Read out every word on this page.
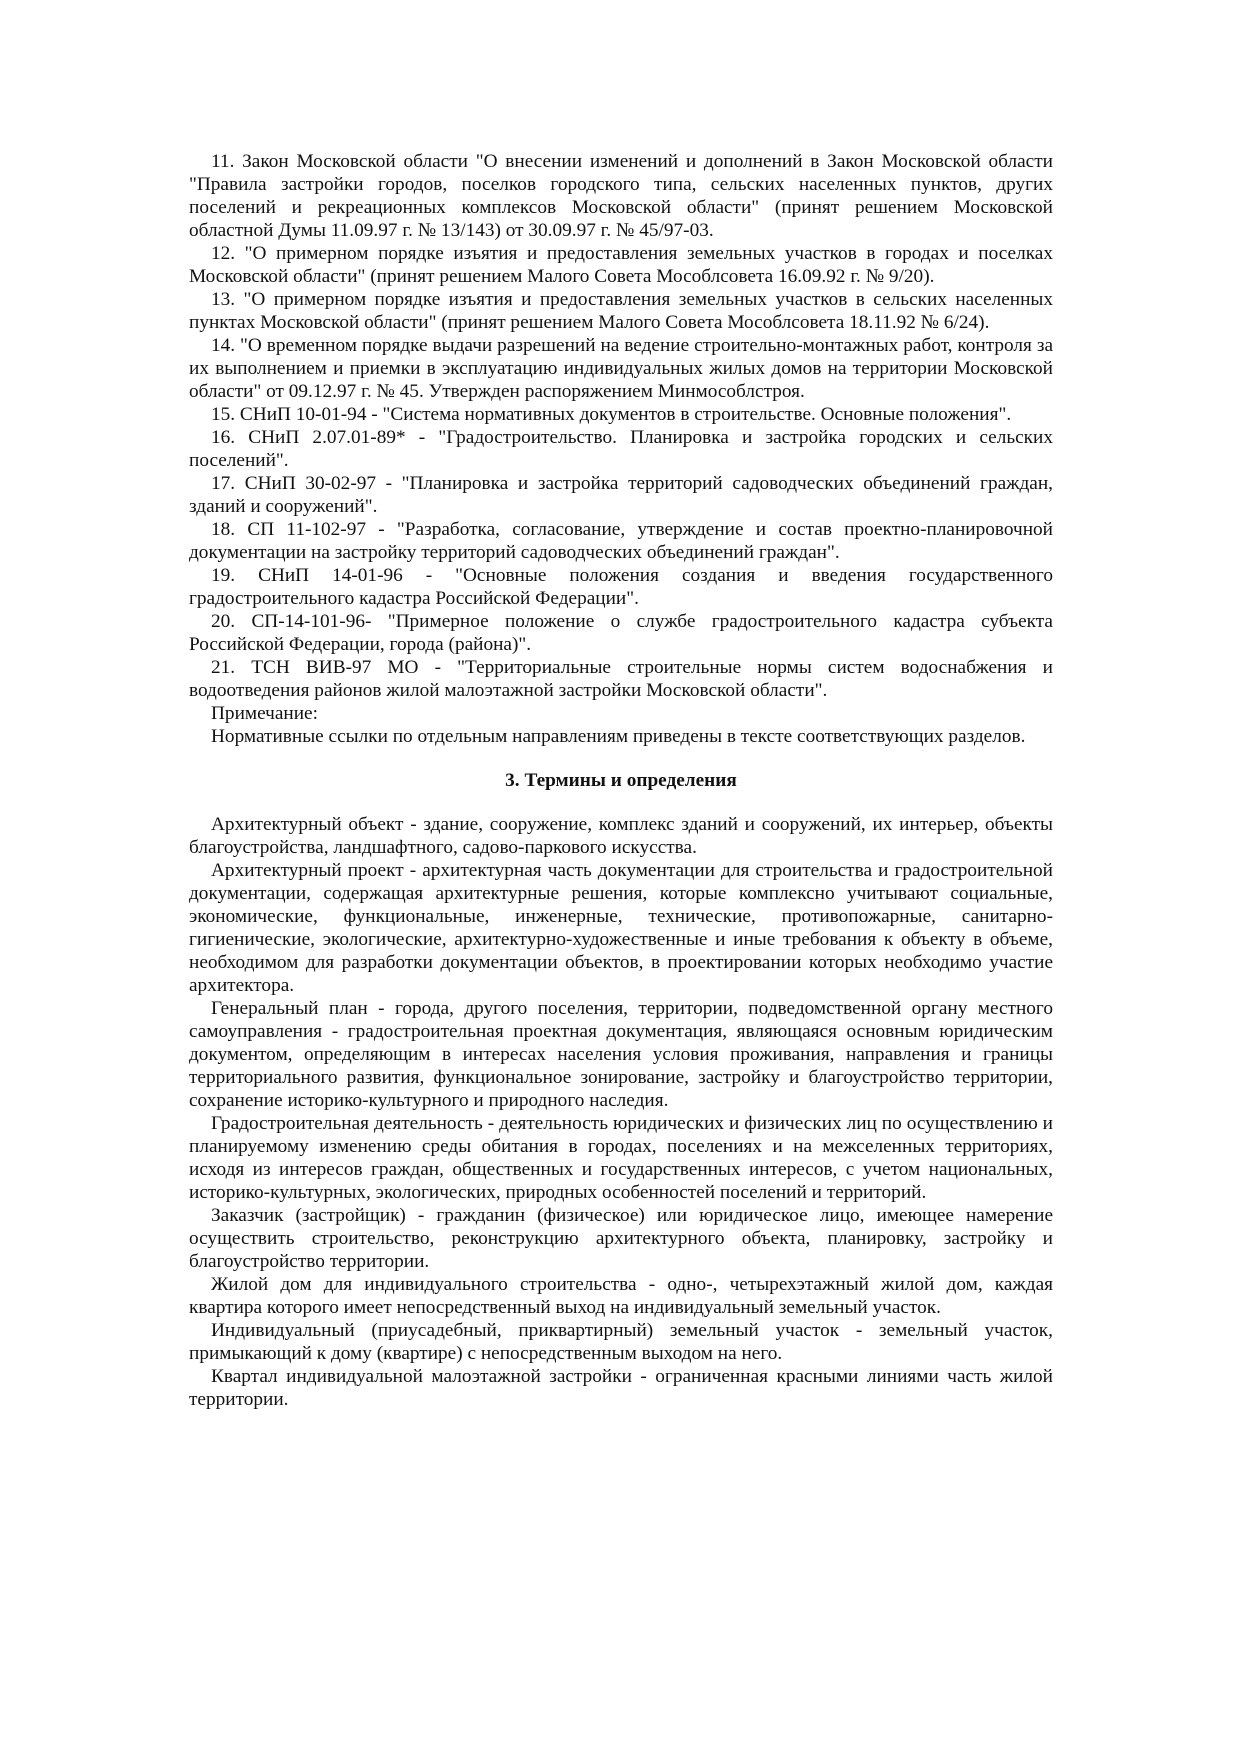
11. Закон Московской области "О внесении изменений и дополнений в Закон Московской области "Правила застройки городов, поселков городского типа, сельских населенных пунктов, других поселений и рекреационных комплексов Московской области" (принят решением Московской областной Думы 11.09.97 г. № 13/143) от 30.09.97 г. № 45/97-03.

12. "О примерном порядке изъятия и предоставления земельных участков в городах и поселках Московской области" (принят решением Малого Совета Мособлсовета 16.09.92 г. № 9/20).

13. "О примерном порядке изъятия и предоставления земельных участков в сельских населенных пунктах Московской области" (принят решением Малого Совета Мособлсовета 18.11.92 № 6/24).

14. "О временном порядке выдачи разрешений на ведение строительно-монтажных работ, контроля за их выполнением и приемки в эксплуатацию индивидуальных жилых домов на территории Московской области" от 09.12.97 г. № 45. Утвержден распоряжением Минмособлстроя.

15. СНиП 10-01-94 - "Система нормативных документов в строительстве. Основные положения".

16. СНиП 2.07.01-89* - "Градостроительство. Планировка и застройка городских и сельских поселений".

17. СНиП 30-02-97 - "Планировка и застройка территорий садоводческих объединений граждан, зданий и сооружений".

18. СП 11-102-97 - "Разработка, согласование, утверждение и состав проектно-планировочной документации на застройку территорий садоводческих объединений граждан".

19. СНиП 14-01-96 - "Основные положения создания и введения государственного градостроительного кадастра Российской Федерации".

20. СП-14-101-96- "Примерное положение о службе градостроительного кадастра субъекта Российской Федерации, города (района)".

21. ТСН ВИВ-97 МО - "Территориальные строительные нормы систем водоснабжения и водоотведения районов жилой малоэтажной застройки Московской области".

Примечание:

Нормативные ссылки по отдельным направлениям приведены в тексте соответствующих разделов.

3. Термины и определения

Архитектурный объект - здание, сооружение, комплекс зданий и сооружений, их интерьер, объекты благоустройства, ландшафтного, садово-паркового искусства.

Архитектурный проект - архитектурная часть документации для строительства и градостроительной документации, содержащая архитектурные решения, которые комплексно учитывают социальные, экономические, функциональные, инженерные, технические, противопожарные, санитарно-гигиенические, экологические, архитектурно-художественные и иные требования к объекту в объеме, необходимом для разработки документации объектов, в проектировании которых необходимо участие архитектора.

Генеральный план - города, другого поселения, территории, подведомственной органу местного самоуправления - градостроительная проектная документация, являющаяся основным юридическим документом, определяющим в интересах населения условия проживания, направления и границы территориального развития, функциональное зонирование, застройку и благоустройство территории, сохранение историко-культурного и природного наследия.

Градостроительная деятельность - деятельность юридических и физических лиц по осуществлению и планируемому изменению среды обитания в городах, поселениях и на межселенных территориях, исходя из интересов граждан, общественных и государственных интересов, с учетом национальных, историко-культурных, экологических, природных особенностей поселений и территорий.

Заказчик (застройщик) - гражданин (физическое) или юридическое лицо, имеющее намерение осуществить строительство, реконструкцию архитектурного объекта, планировку, застройку и благоустройство территории.

Жилой дом для индивидуального строительства - одно-, четырехэтажный жилой дом, каждая квартира которого имеет непосредственный выход на индивидуальный земельный участок.

Индивидуальный (приусадебный, приквартирный) земельный участок - земельный участок, примыкающий к дому (квартире) с непосредственным выходом на него.

Квартал индивидуальной малоэтажной застройки - ограниченная красными линиями часть жилой территории.
